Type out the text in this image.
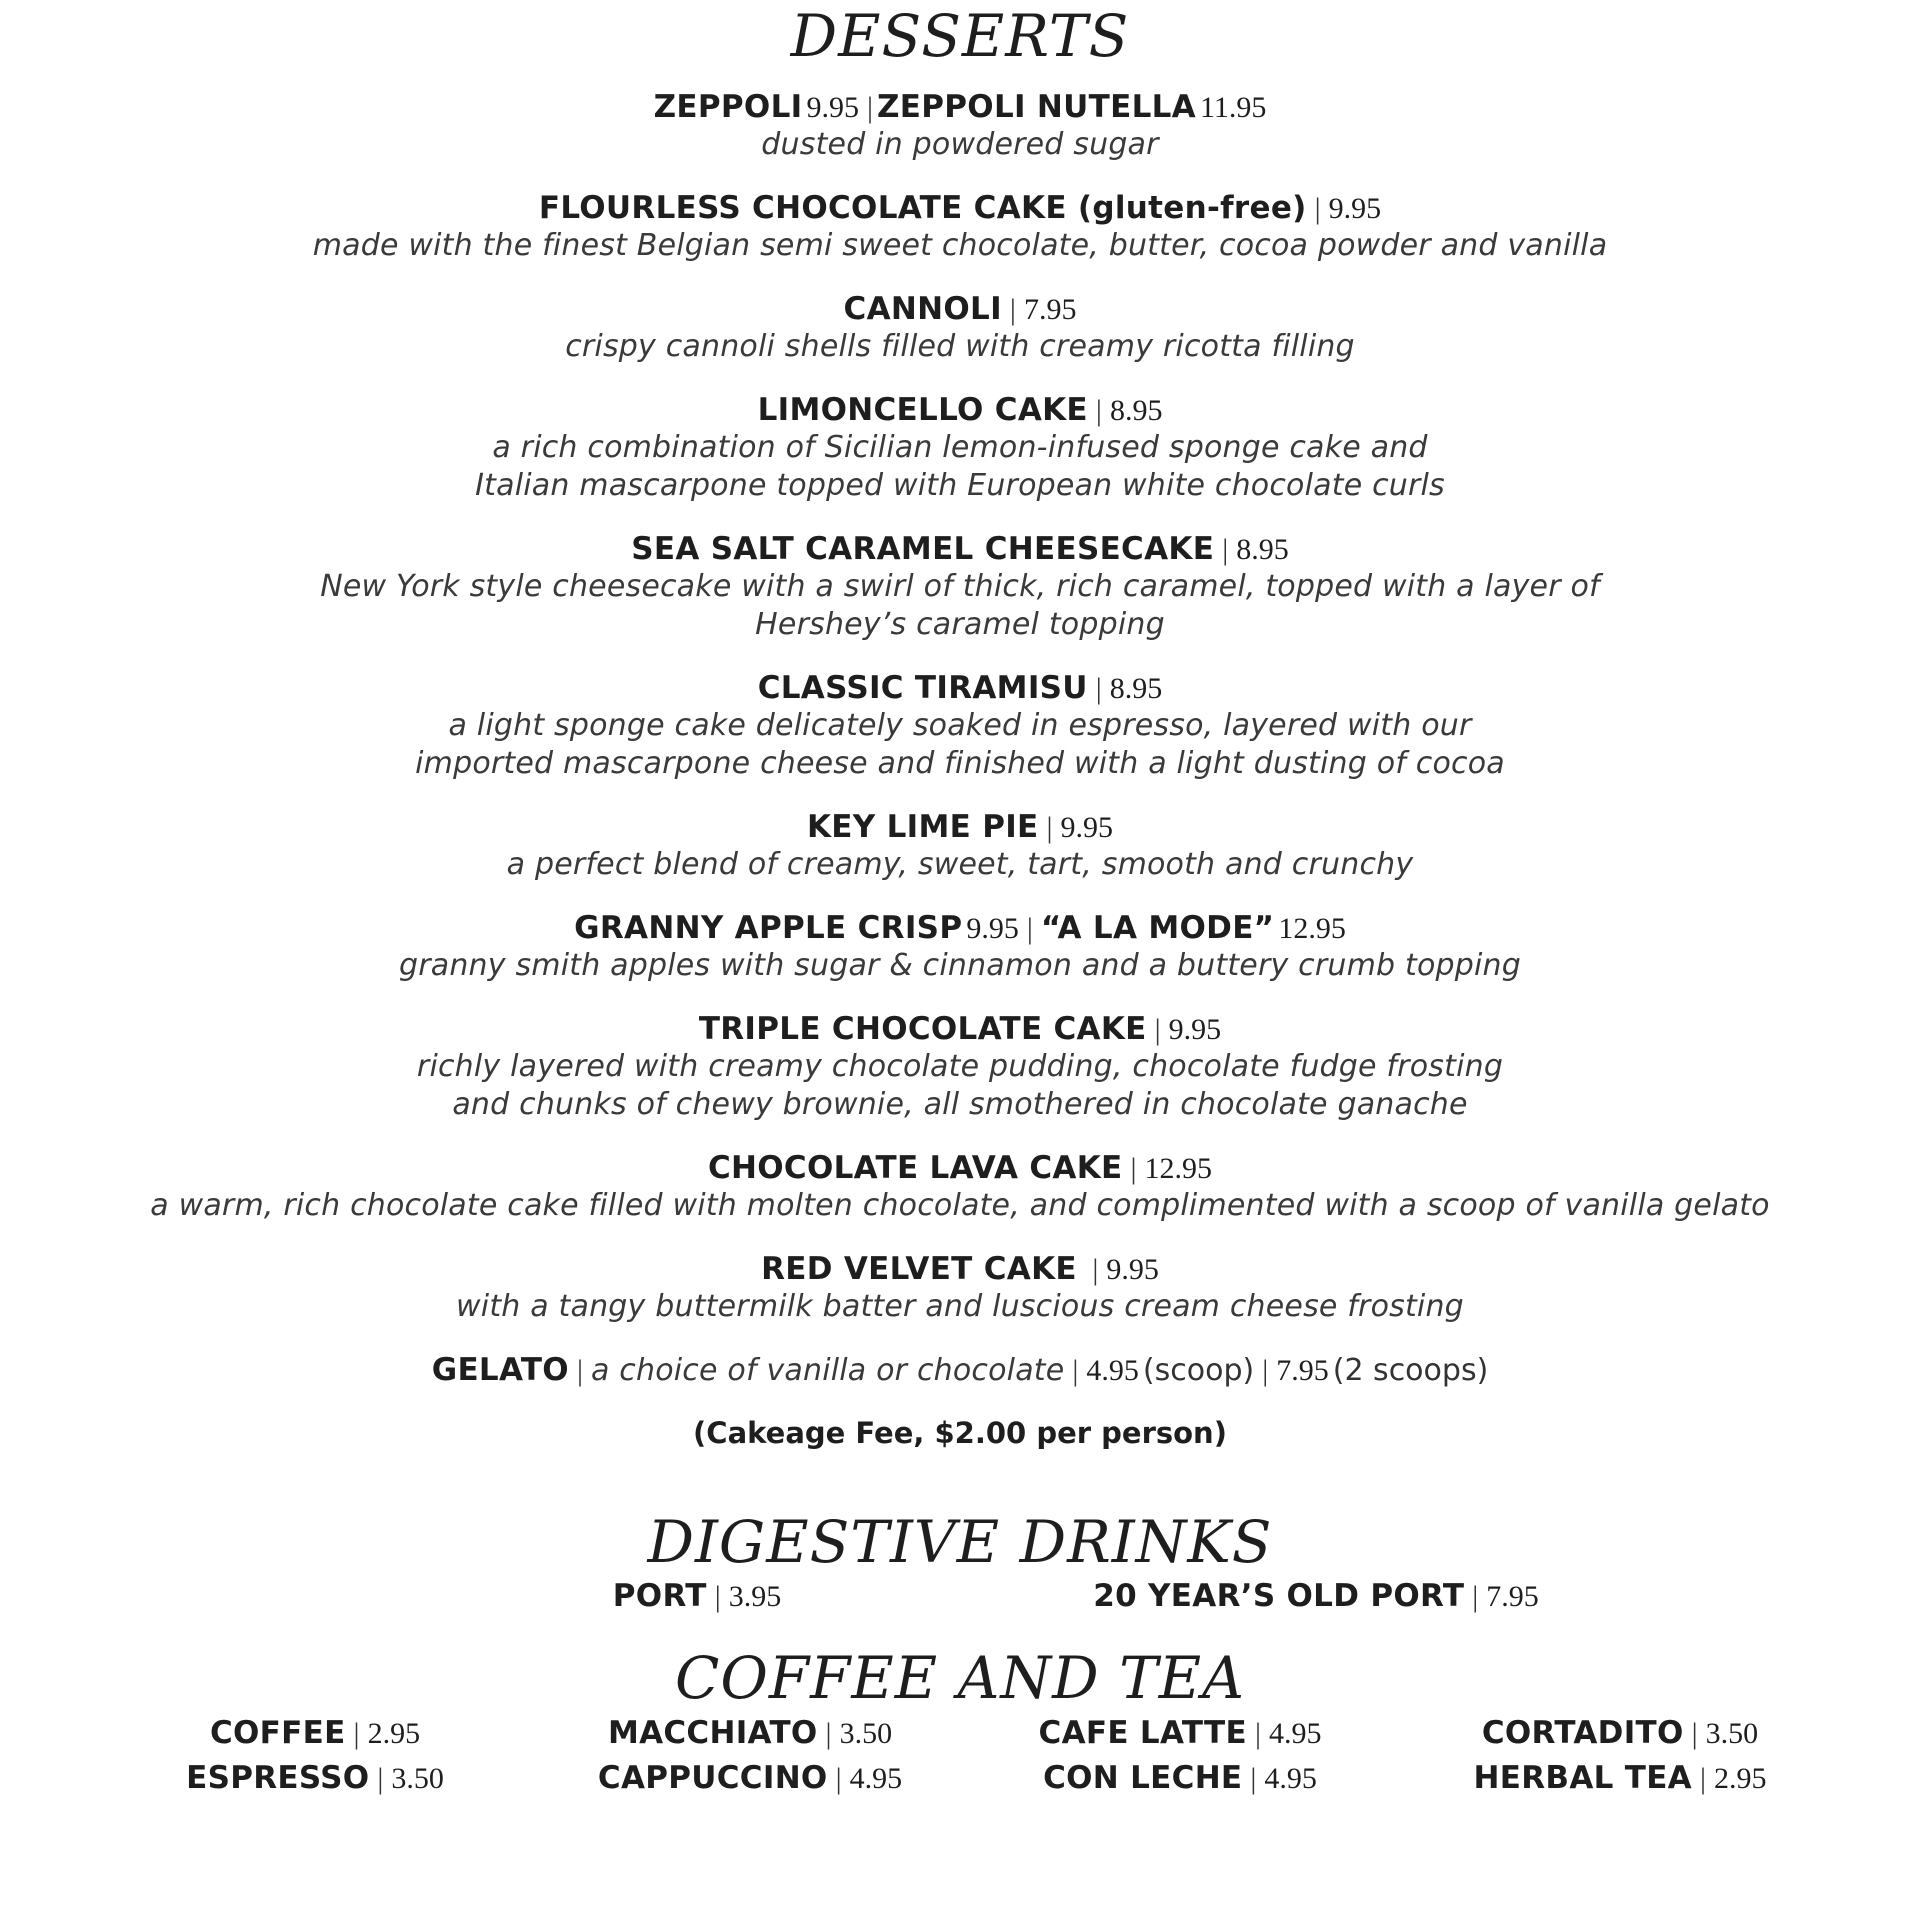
DESSERTS
ZEPPOLI 9.95 | ZEPPOLI NUTELLA 11.95
dusted in powdered sugar
FLOURLESS CHOCOLATE CAKE (gluten-free) | 9.95
made with the finest Belgian semi sweet chocolate, butter, cocoa powder and vanilla
CANNOLI | 7.95
crispy cannoli shells filled with creamy ricotta filling
LIMONCELLO CAKE | 8.95
a rich combination of Sicilian lemon-infused sponge cake and
Italian mascarpone topped with European white chocolate curls
SEA SALT CARAMEL CHEESECAKE | 8.95
New York style cheesecake with a swirl of thick, rich caramel, topped with a layer of
Hershey’s caramel topping
CLASSIC TIRAMISU | 8.95
a light sponge cake delicately soaked in espresso, layered with our
imported mascarpone cheese and finished with a light dusting of cocoa
KEY LIME PIE | 9.95
a perfect blend of creamy, sweet, tart, smooth and crunchy
GRANNY APPLE CRISP 9.95 | “A LA MODE” 12.95
granny smith apples with sugar & cinnamon and a buttery crumb topping
TRIPLE CHOCOLATE CAKE | 9.95
richly layered with creamy chocolate pudding, chocolate fudge frosting
and chunks of chewy brownie, all smothered in chocolate ganache
CHOCOLATE LAVA CAKE | 12.95
a warm, rich chocolate cake filled with molten chocolate, and complimented with a scoop of vanilla gelato
RED VELVET CAKE  | 9.95
with a tangy buttermilk batter and luscious cream cheese frosting
GELATO | a choice of vanilla or chocolate | 4.95 (scoop) | 7.95 (2 scoops)
(Cakeage Fee, $2.00 per person)
DIGESTIVE DRINKS
PORT | 3.95	20 YEAR’S OLD PORT | 7.95
COFFEE AND TEA
COFFEE | 2.95
ESPRESSO | 3.50
MACCHIATO | 3.50
CAPPUCCINO | 4.95
CAFE LATTE | 4.95
CON LECHE | 4.95
CORTADITO | 3.50
HERBAL TEA | 2.95
